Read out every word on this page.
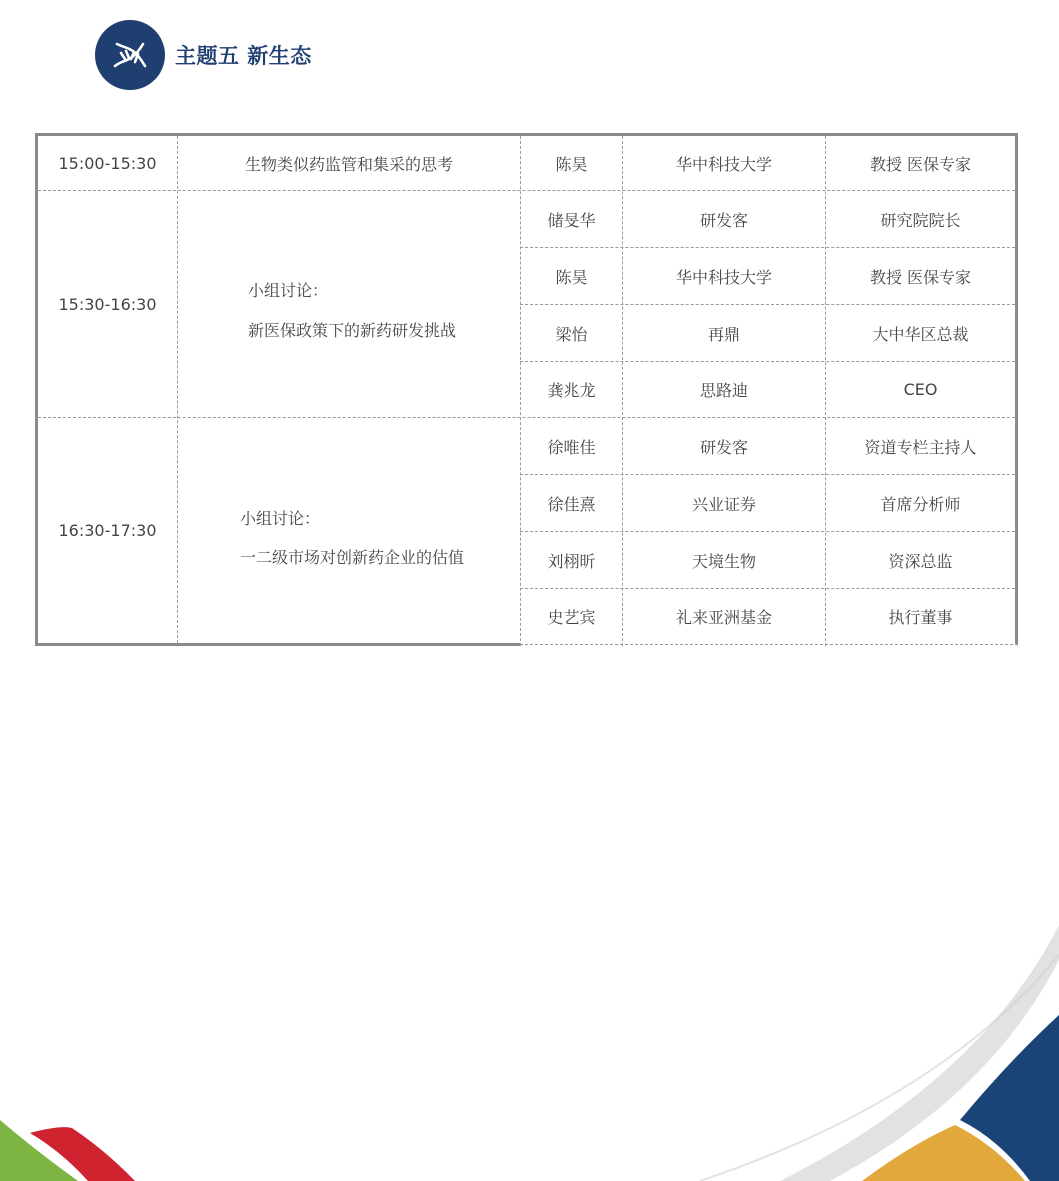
主题五 新生态
15:00-15:30	生物类似药监管和集采的思考	陈昊	华中科技大学	教授 医保专家
15:30-16:30
小组讨论：
新医保政策下的新药研发挑战
储旻华	研发客	研究院院长
陈昊	华中科技大学	教授 医保专家
梁怡	再鼎	大中华区总裁
龚兆龙	思路迪	CEO
16:30-17:30
小组讨论：
一二级市场对创新药企业的估值
徐唯佳	研发客	资道专栏主持人
徐佳熹	兴业证券	首席分析师
刘栩昕	天境生物	资深总监
史艺宾	礼来亚洲基金	执行董事
